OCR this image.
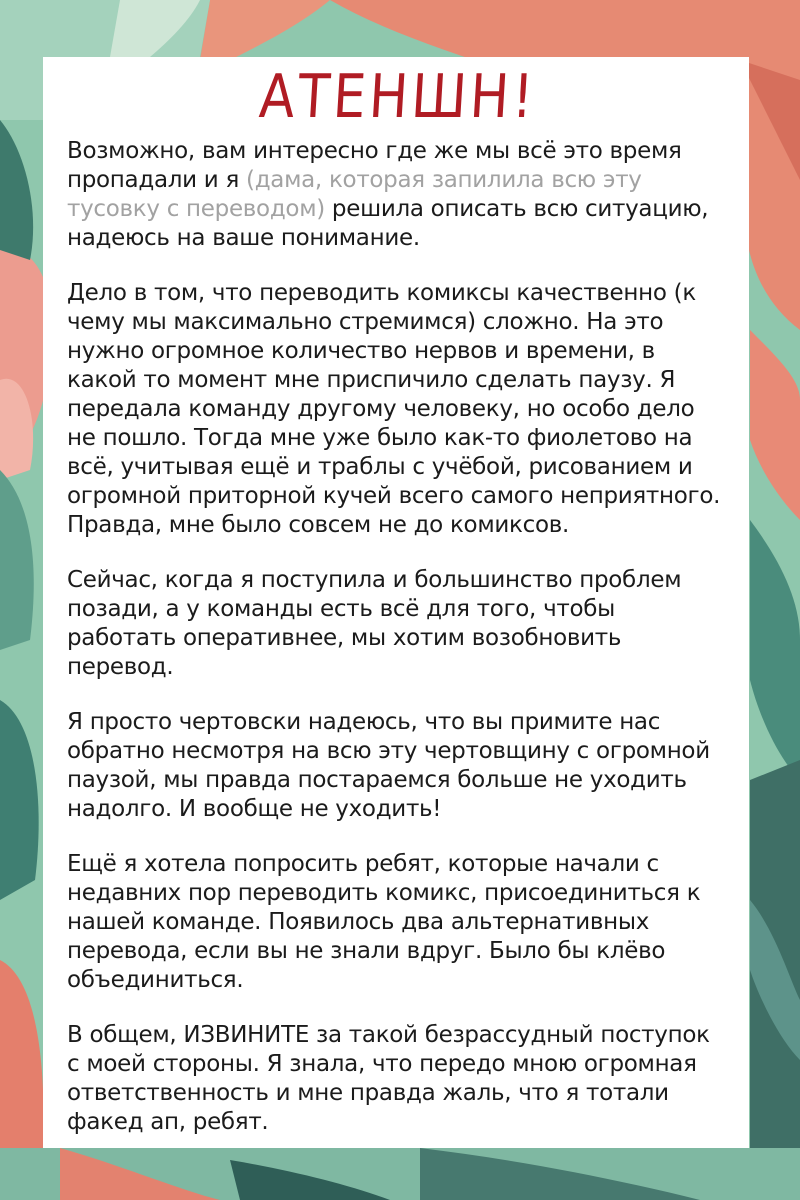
АТЕНШН!

Возможно, вам интересно где же мы всё это время пропадали и я (дама, которая запилила всю эту тусовку с переводом) решила описать всю ситуацию, надеюсь на ваше понимание.

Дело в том, что переводить комиксы качественно (к чему мы максимально стремимся) сложно. На это нужно огромное количество нервов и времени, в какой то момент мне приспичило сделать паузу. Я передала команду другому человеку, но особо дело не пошло. Тогда мне уже было как-то фиолетово на всё, учитывая ещё и траблы с учёбой, рисованием и огромной приторной кучей всего самого неприятного. Правда, мне было совсем не до комиксов.

Сейчас, когда я поступила и большинство проблем позади, а у команды есть всё для того, чтобы работать оперативнее, мы хотим возобновить перевод.

Я просто чертовски надеюсь, что вы примите нас обратно несмотря на всю эту чертовщину с огромной паузой, мы правда постараемся больше не уходить надолго. И вообще не уходить!

Ещё я хотела попросить ребят, которые начали с недавних пор переводить комикс, присоединиться к нашей команде. Появилось два альтернативных перевода, если вы не знали вдруг. Было бы клёво объединиться.

В общем, ИЗВИНИТЕ за такой безрассудный поступок с моей стороны. Я знала, что передо мною огромная ответственность и мне правда жаль, что я тотали факед ап, ребят.
